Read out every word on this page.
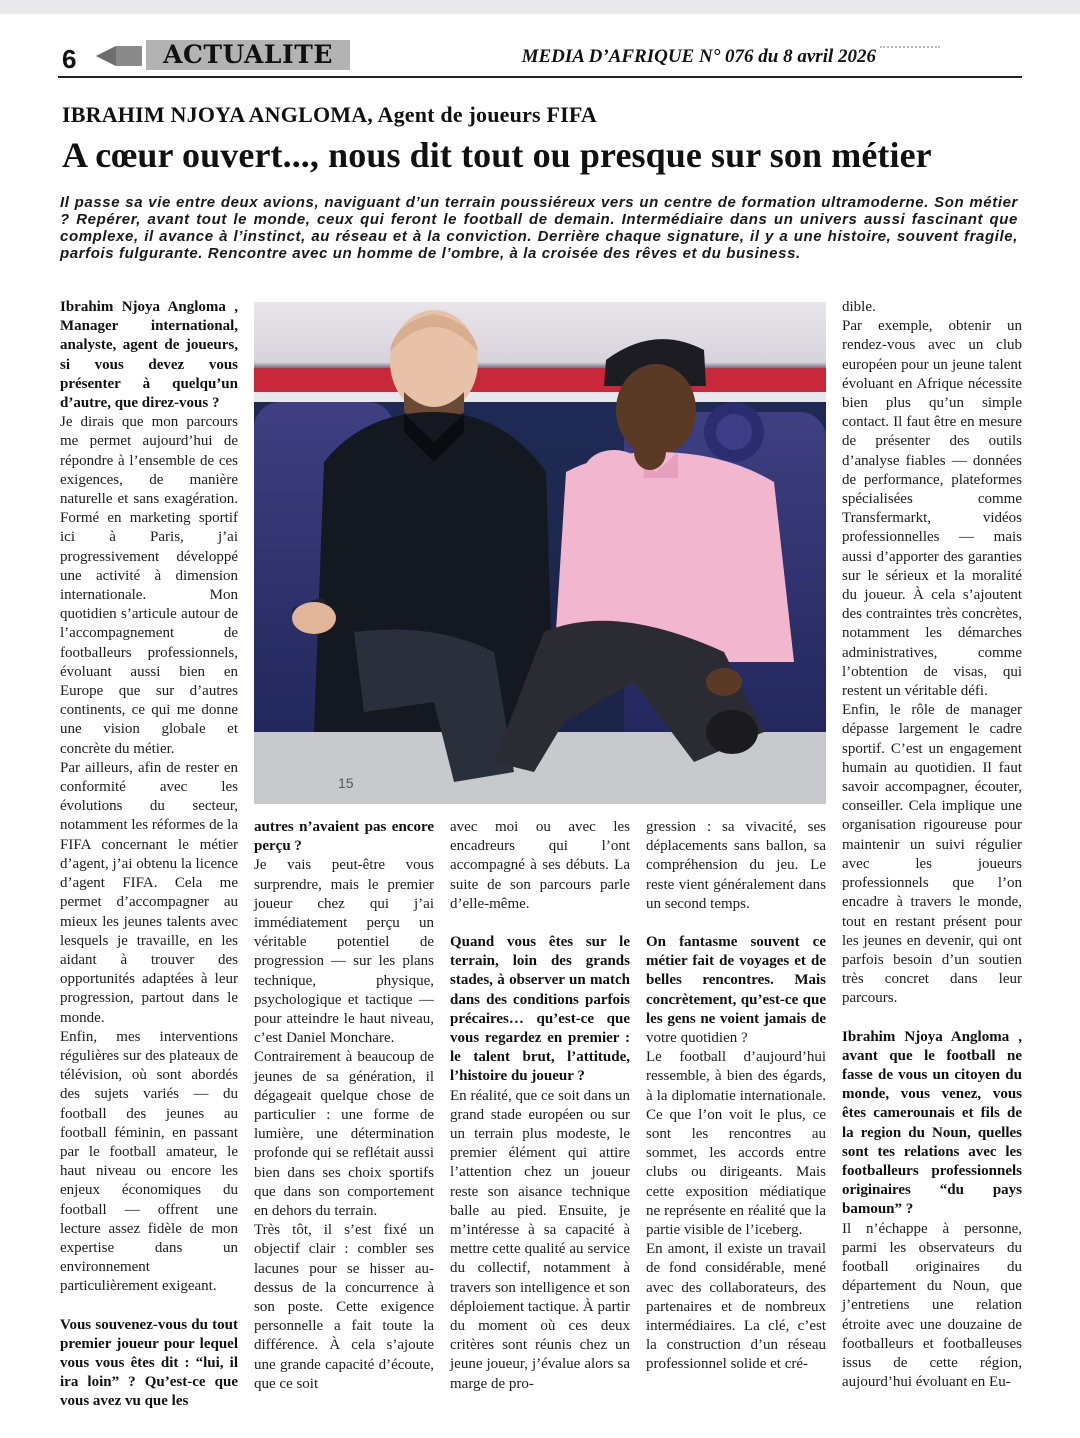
6	ACTUALITE	MEDIA D’AFRIQUE N° 076 du 8 avril 2026
IBRAHIM NJOYA ANGLOMA, Agent de joueurs FIFA
A cœur ouvert..., nous dit tout ou presque sur son métier

Il passe sa vie entre deux avions, naviguant d’un terrain poussiéreux vers un centre de formation ultramoderne. Son métier ? Repérer, avant tout le monde, ceux qui feront le football de demain. Intermédiaire dans un univers aussi fascinant que complexe, il avance à l’instinct, au réseau et à la conviction. Derrière chaque signature, il y a une histoire, souvent fragile, parfois fulgurante. Rencontre avec un homme de l’ombre, à la croisée des rêves et du business.

Ibrahim Njoya Angloma , Manager international, analyste, agent de joueurs, si vous devez vous présenter à quelqu’un d’autre, que direz-vous ?

Je dirais que mon parcours me permet aujourd’hui de répondre à l’ensemble de ces exigences, de manière naturelle et sans exagération. Formé en marketing sportif ici à Paris, j’ai progressivement développé une activité à dimension internationale. Mon quotidien s’articule autour de l’accompagnement de footballeurs professionnels, évoluant aussi bien en Europe que sur d’autres continents, ce qui me donne une vision globale et concrète du métier.

Par ailleurs, afin de rester en conformité avec les évolutions du secteur, notamment les réformes de la FIFA concernant le métier d’agent, j’ai obtenu la licence d’agent FIFA. Cela me permet d’accompagner au mieux les jeunes talents avec lesquels je travaille, en les aidant à trouver des opportunités adaptées à leur progression, partout dans le monde.

Enfin, mes interventions régulières sur des plateaux de télévision, où sont abordés des sujets variés — du football des jeunes au football féminin, en passant par le football amateur, le haut niveau ou encore les enjeux économiques du football — offrent une lecture assez fidèle de mon expertise dans un environnement particulièrement exigeant.

Vous souvenez-vous du tout premier joueur pour lequel vous vous êtes dit : “lui, il ira loin” ? Qu’est-ce que vous avez vu que les

15

autres n’avaient pas encore perçu ?

Je vais peut-être vous surprendre, mais le premier joueur chez qui j’ai immédiatement perçu un véritable potentiel de progression — sur les plans technique, physique, psychologique et tactique — pour atteindre le haut niveau, c’est Daniel Monchare.

Contrairement à beaucoup de jeunes de sa génération, il dégageait quelque chose de particulier : une forme de lumière, une détermination profonde qui se reflétait aussi bien dans ses choix sportifs que dans son comportement en dehors du terrain.

Très tôt, il s’est fixé un objectif clair : combler ses lacunes pour se hisser au-dessus de la concurrence à son poste. Cette exigence personnelle a fait toute la différence. À cela s’ajoute une grande capacité d’écoute, que ce soit

avec moi ou avec les encadreurs qui l’ont accompagné à ses débuts. La suite de son parcours parle d’elle-même.

Quand vous êtes sur le terrain, loin des grands stades, à observer un match dans des conditions parfois précaires… qu’est-ce que vous regardez en premier : le talent brut, l’attitude, l’histoire du joueur ?

En réalité, que ce soit dans un grand stade européen ou sur un terrain plus modeste, le premier élément qui attire l’attention chez un joueur reste son aisance technique balle au pied. Ensuite, je m’intéresse à sa capacité à mettre cette qualité au service du collectif, notamment à travers son intelligence et son déploiement tactique. À partir du moment où ces deux critères sont réunis chez un jeune joueur, j’évalue alors sa marge de pro-

gression : sa vivacité, ses déplacements sans ballon, sa compréhension du jeu. Le reste vient généralement dans un second temps.

On fantasme souvent ce métier fait de voyages et de belles rencontres. Mais concrètement, qu’est-ce que les gens ne voient jamais de votre quotidien ?

Le football d’aujourd’hui ressemble, à bien des égards, à la diplomatie internationale. Ce que l’on voit le plus, ce sont les rencontres au sommet, les accords entre clubs ou dirigeants. Mais cette exposition médiatique ne représente en réalité que la partie visible de l’iceberg.

En amont, il existe un travail de fond considérable, mené avec des collaborateurs, des partenaires et de nombreux intermédiaires. La clé, c’est la construction d’un réseau professionnel solide et cré-

dible.

Par exemple, obtenir un rendez-vous avec un club européen pour un jeune talent évoluant en Afrique nécessite bien plus qu’un simple contact. Il faut être en mesure de présenter des outils d’analyse fiables — données de performance, plateformes spécialisées comme Transfermarkt, vidéos professionnelles — mais aussi d’apporter des garanties sur le sérieux et la moralité du joueur. À cela s’ajoutent des contraintes très concrètes, notamment les démarches administratives, comme l’obtention de visas, qui restent un véritable défi.

Enfin, le rôle de manager dépasse largement le cadre sportif. C’est un engagement humain au quotidien. Il faut savoir accompagner, écouter, conseiller. Cela implique une organisation rigoureuse pour maintenir un suivi régulier avec les joueurs professionnels que l’on encadre à travers le monde, tout en restant présent pour les jeunes en devenir, qui ont parfois besoin d’un soutien très concret dans leur parcours.

Ibrahim Njoya Angloma , avant que le football ne fasse de vous un citoyen du monde, vous venez, vous êtes camerounais et fils de la region du Noun, quelles sont tes relations avec les footballeurs professionnels originaires “du pays bamoun” ?

Il n’échappe à personne, parmi les observateurs du football originaires du département du Noun, que j’entretiens une relation étroite avec une douzaine de footballeurs et footballeuses issus de cette région, aujourd’hui évoluant en Eu-
